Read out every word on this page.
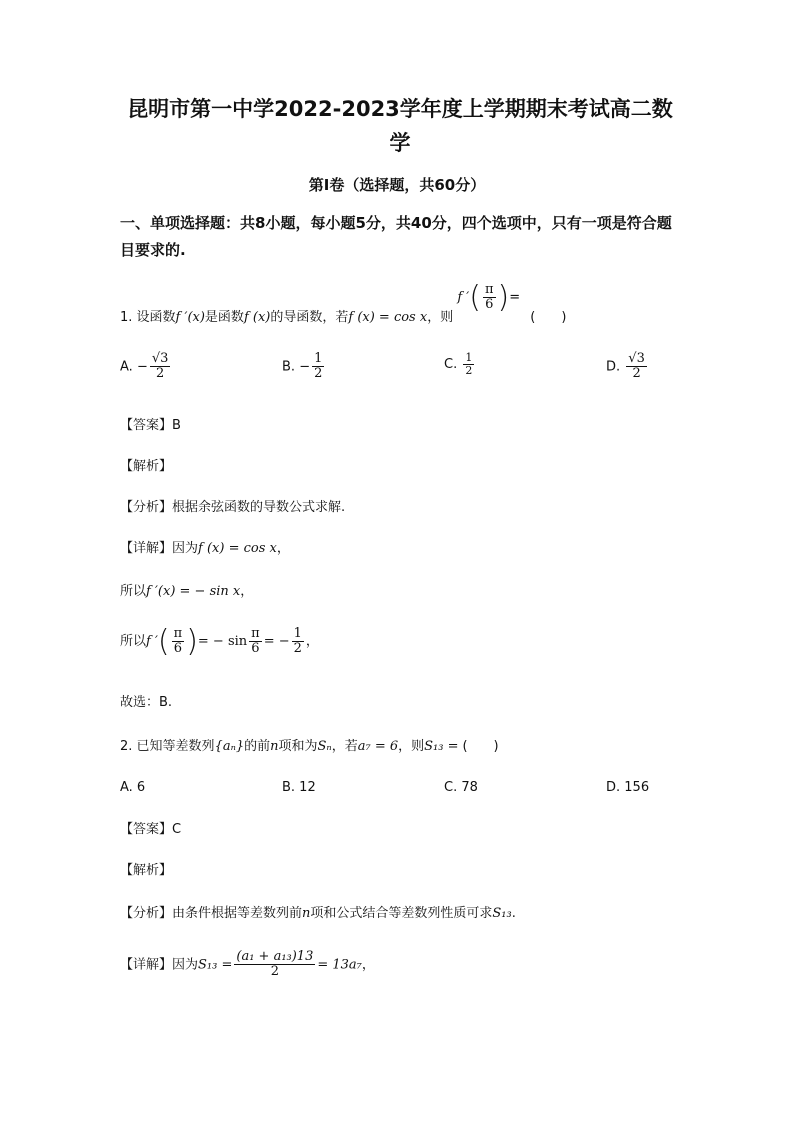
昆明市第一中学2022-2023学年度上学期期末考试高二数学
第I卷（选择题，共60分）
一、单项选择题：共8小题，每小题5分，共40分，四个选项中，只有一项是符合题目要求的.
1. 设函数f ′(x)是函数f (x)的导函数，若f (x) = cos x，则 f ′( $\frac{\pi}{6}$ )= (　　)
A. − $\frac{√3}{2}$	B. − $\frac{1}{2}$	C. $\frac{1}{2}$	D. $\frac{√3}{2}$
【答案】B
【解析】
【分析】根据余弦函数的导数公式求解.
【详解】因为f (x) = cos x，
所以f ′(x) = − sin x，
所以f ′( $\frac{\pi}{6}$ )= − $\sin \frac{\pi}{6}$ = − $\frac{1}{2}$ ，
故选：B.
2. 已知等差数列{aₙ}的前n项和为Sₙ，若a₇ = 6，则S₁₃ = (　　)
A. 6	B. 12	C. 78	D. 156
【答案】C
【解析】
【分析】由条件根据等差数列前n项和公式结合等差数列性质可求S₁₃.
【详解】因为$S_{13} = \frac{\text{(a₁ + a₁₃)13}}{2} = 13a_7$，
